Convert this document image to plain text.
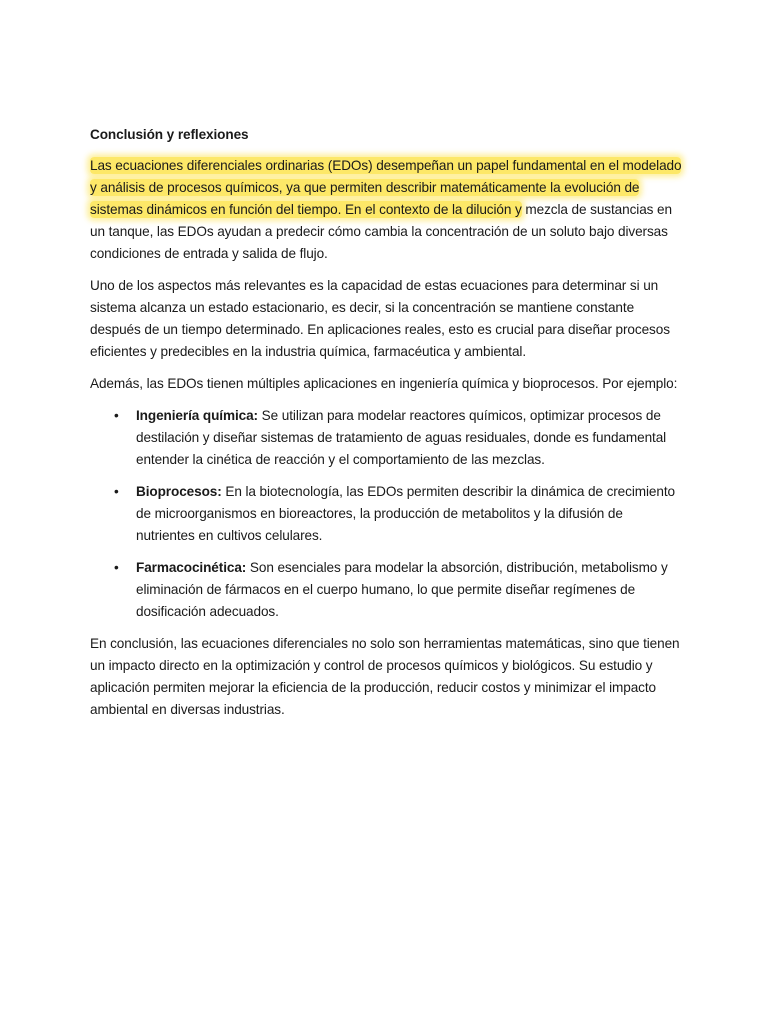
Conclusión y reflexiones

Las ecuaciones diferenciales ordinarias (EDOs) desempeñan un papel fundamental en el modelado y análisis de procesos químicos, ya que permiten describir matemáticamente la evolución de sistemas dinámicos en función del tiempo. En el contexto de la dilución y mezcla de sustancias en un tanque, las EDOs ayudan a predecir cómo cambia la concentración de un soluto bajo diversas condiciones de entrada y salida de flujo.

Uno de los aspectos más relevantes es la capacidad de estas ecuaciones para determinar si un sistema alcanza un estado estacionario, es decir, si la concentración se mantiene constante después de un tiempo determinado. En aplicaciones reales, esto es crucial para diseñar procesos eficientes y predecibles en la industria química, farmacéutica y ambiental.

Además, las EDOs tienen múltiples aplicaciones en ingeniería química y bioprocesos. Por ejemplo:

• Ingeniería química: Se utilizan para modelar reactores químicos, optimizar procesos de destilación y diseñar sistemas de tratamiento de aguas residuales, donde es fundamental entender la cinética de reacción y el comportamiento de las mezclas.
• Bioprocesos: En la biotecnología, las EDOs permiten describir la dinámica de crecimiento de microorganismos en bioreactores, la producción de metabolitos y la difusión de nutrientes en cultivos celulares.
• Farmacocinética: Son esenciales para modelar la absorción, distribución, metabolismo y eliminación de fármacos en el cuerpo humano, lo que permite diseñar regímenes de dosificación adecuados.

En conclusión, las ecuaciones diferenciales no solo son herramientas matemáticas, sino que tienen un impacto directo en la optimización y control de procesos químicos y biológicos. Su estudio y aplicación permiten mejorar la eficiencia de la producción, reducir costos y minimizar el impacto ambiental en diversas industrias.
